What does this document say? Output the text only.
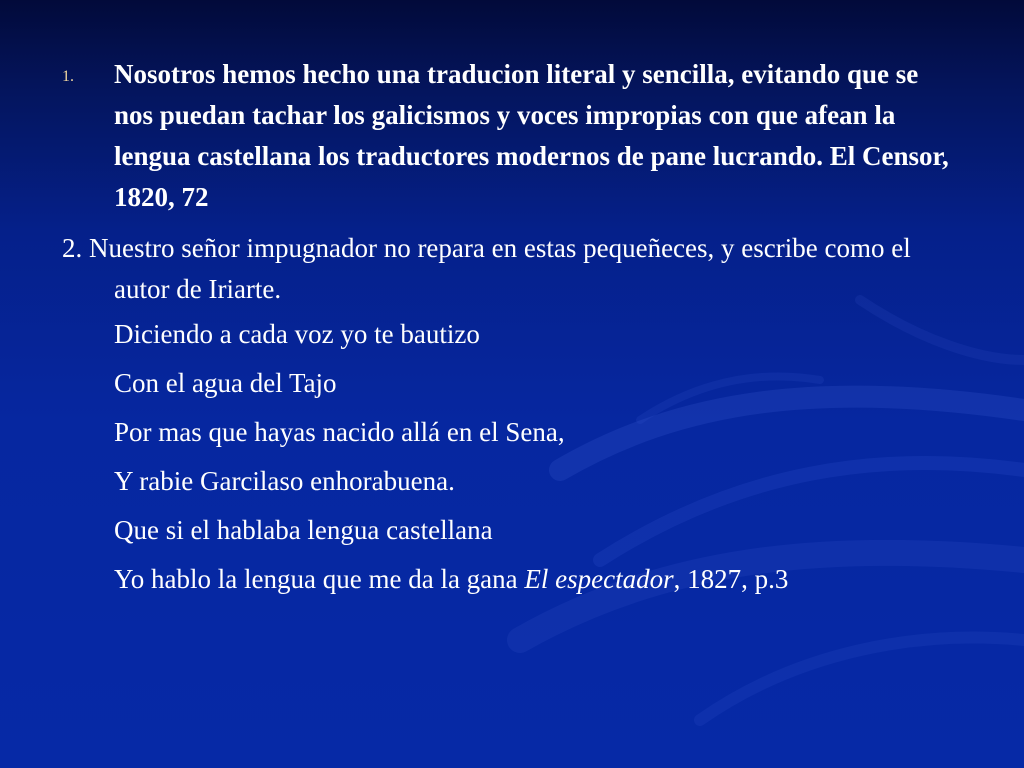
1. Nosotros hemos hecho una traducion literal y sencilla, evitando que se nos puedan tachar los galicismos y voces impropias con que afean la lengua castellana los traductores modernos de pane lucrando. El Censor, 1820, 72
2. Nuestro señor impugnador no repara en estas pequeñeces, y escribe como el autor de Iriarte.
Diciendo a cada voz yo te bautizo
Con el agua del Tajo
Por mas que hayas nacido allá en el Sena,
Y rabie Garcilaso enhorabuena.
Que si el hablaba lengua castellana
Yo hablo la lengua que me da la gana El espectador, 1827, p.3
